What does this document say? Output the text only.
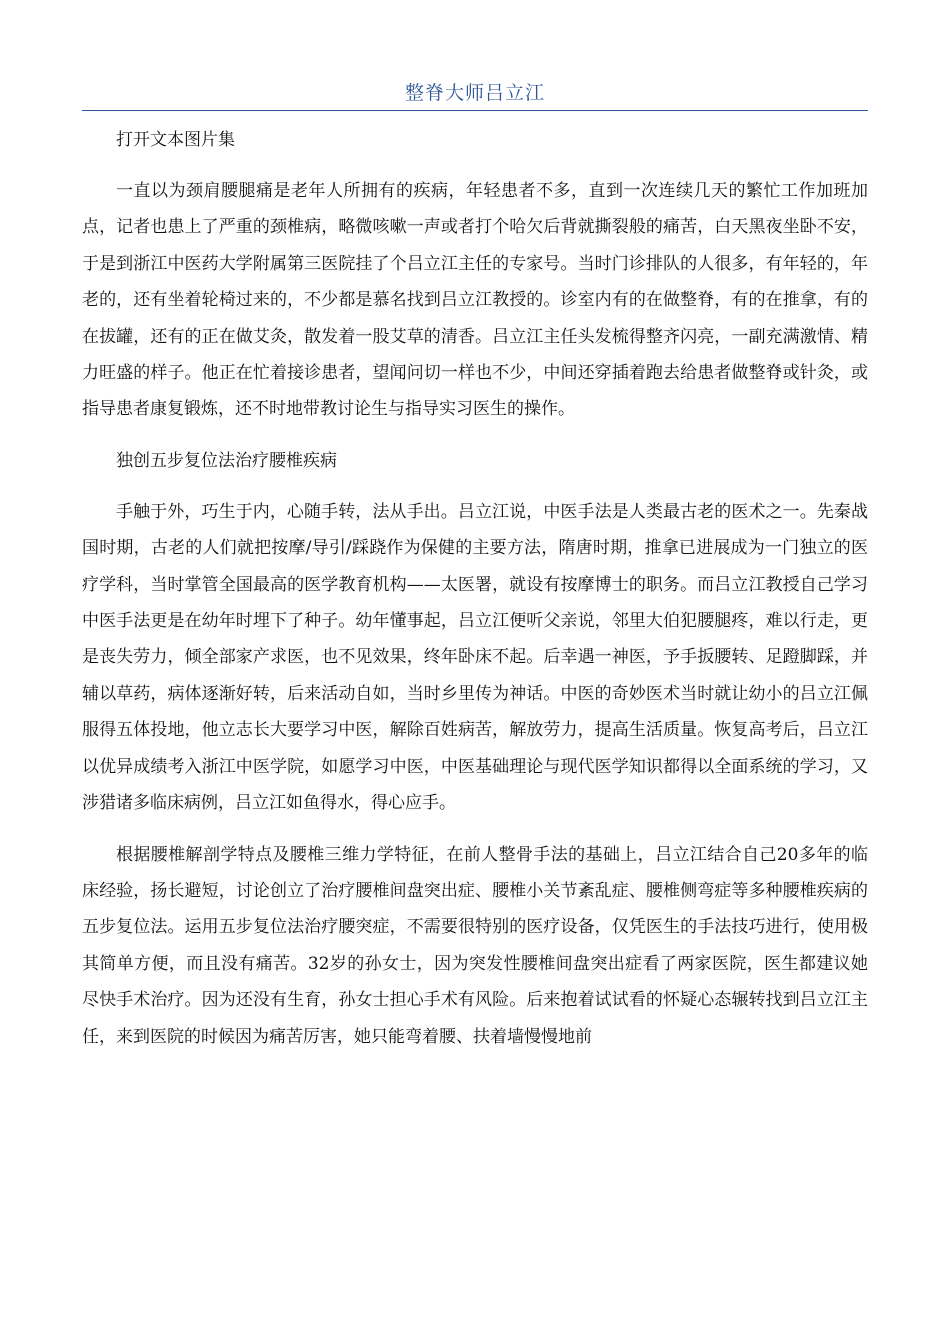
整脊大师吕立江

打开文本图片集

一直以为颈肩腰腿痛是老年人所拥有的疾病，年轻患者不多，直到一次连续几天的繁忙工作加班加点，记者也患上了严重的颈椎病，略微咳嗽一声或者打个哈欠后背就撕裂般的痛苦，白天黑夜坐卧不安，于是到浙江中医药大学附属第三医院挂了个吕立江主任的专家号。当时门诊排队的人很多，有年轻的，年老的，还有坐着轮椅过来的，不少都是慕名找到吕立江教授的。诊室内有的在做整脊，有的在推拿，有的在拔罐，还有的正在做艾灸，散发着一股艾草的清香。吕立江主任头发梳得整齐闪亮，一副充满激情、精力旺盛的样子。他正在忙着接诊患者，望闻问切一样也不少，中间还穿插着跑去给患者做整脊或针灸，或指导患者康复锻炼，还不时地带教讨论生与指导实习医生的操作。

独创五步复位法治疗腰椎疾病

手触于外，巧生于内，心随手转，法从手出。吕立江说，中医手法是人类最古老的医术之一。先秦战国时期，古老的人们就把按摩/导引/踩跷作为保健的主要方法，隋唐时期，推拿已进展成为一门独立的医疗学科，当时掌管全国最高的医学教育机构——太医署，就设有按摩博士的职务。而吕立江教授自己学习中医手法更是在幼年时埋下了种子。幼年懂事起，吕立江便听父亲说，邻里大伯犯腰腿疼，难以行走，更是丧失劳力，倾全部家产求医，也不见效果，终年卧床不起。后幸遇一神医，予手扳腰转、足蹬脚踩，并辅以草药，病体逐渐好转，后来活动自如，当时乡里传为神话。中医的奇妙医术当时就让幼小的吕立江佩服得五体投地，他立志长大要学习中医，解除百姓病苦，解放劳力，提高生活质量。恢复高考后，吕立江以优异成绩考入浙江中医学院，如愿学习中医，中医基础理论与现代医学知识都得以全面系统的学习，又涉猎诸多临床病例，吕立江如鱼得水，得心应手。

根据腰椎解剖学特点及腰椎三维力学特征，在前人整骨手法的基础上，吕立江结合自己20多年的临床经验，扬长避短，讨论创立了治疗腰椎间盘突出症、腰椎小关节紊乱症、腰椎侧弯症等多种腰椎疾病的五步复位法。运用五步复位法治疗腰突症，不需要很特别的医疗设备，仅凭医生的手法技巧进行，使用极其简单方便，而且没有痛苦。32岁的孙女士，因为突发性腰椎间盘突出症看了两家医院，医生都建议她尽快手术治疗。因为还没有生育，孙女士担心手术有风险。后来抱着试试看的怀疑心态辗转找到吕立江主任，来到医院的时候因为痛苦厉害，她只能弯着腰、扶着墙慢慢地前
